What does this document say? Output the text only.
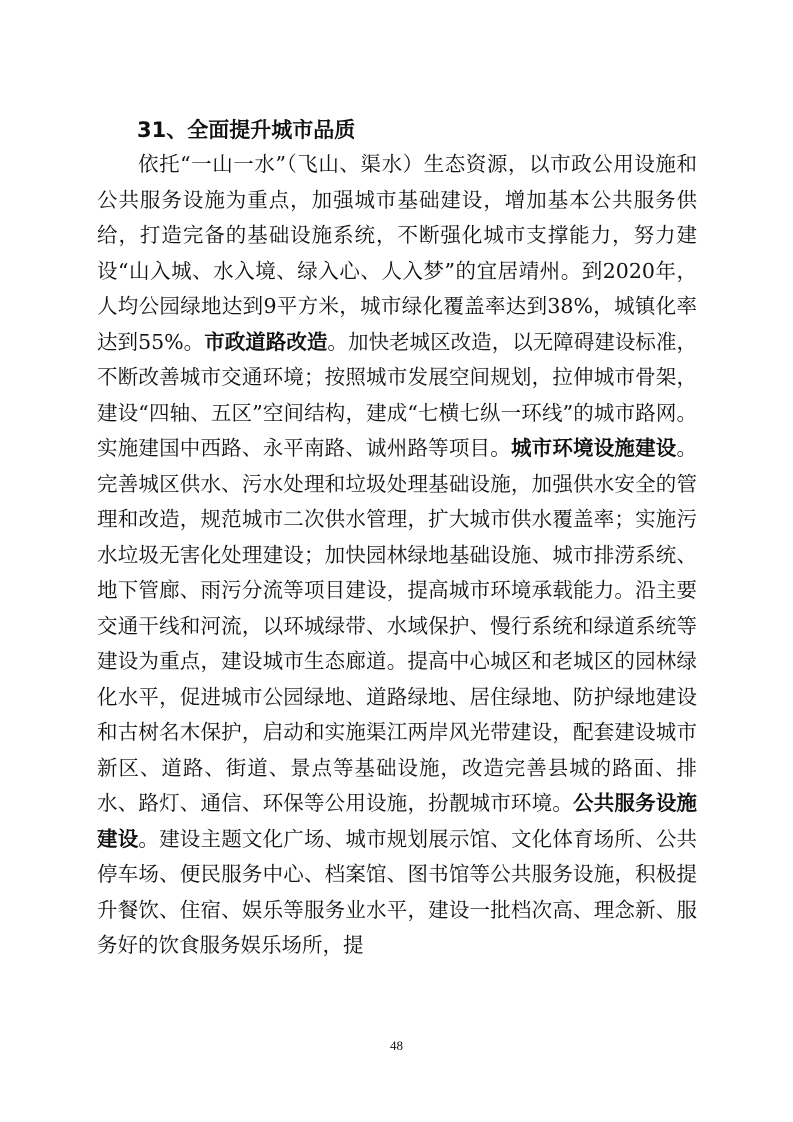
31、全面提升城市品质

依托“一山一水”（飞山、渠水）生态资源，以市政公用设施和公共服务设施为重点，加强城市基础建设，增加基本公共服务供给，打造完备的基础设施系统，不断强化城市支撑能力，努力建设“山入城、水入境、绿入心、人入梦”的宜居靖州。到2020年，人均公园绿地达到9平方米，城市绿化覆盖率达到38%，城镇化率达到55%。市政道路改造。加快老城区改造，以无障碍建设标准，不断改善城市交通环境；按照城市发展空间规划，拉伸城市骨架，建设“四轴、五区”空间结构，建成“七横七纵一环线”的城市路网。实施建国中西路、永平南路、诚州路等项目。城市环境设施建设。完善城区供水、污水处理和垃圾处理基础设施，加强供水安全的管理和改造，规范城市二次供水管理，扩大城市供水覆盖率；实施污水垃圾无害化处理建设；加快园林绿地基础设施、城市排涝系统、地下管廊、雨污分流等项目建设，提高城市环境承载能力。沿主要交通干线和河流，以环城绿带、水域保护、慢行系统和绿道系统等建设为重点，建设城市生态廊道。提高中心城区和老城区的园林绿化水平，促进城市公园绿地、道路绿地、居住绿地、防护绿地建设和古树名木保护，启动和实施渠江两岸风光带建设，配套建设城市新区、道路、街道、景点等基础设施，改造完善县城的路面、排水、路灯、通信、环保等公用设施，扮靓城市环境。公共服务设施建设。建设主题文化广场、城市规划展示馆、文化体育场所、公共停车场、便民服务中心、档案馆、图书馆等公共服务设施，积极提升餐饮、住宿、娱乐等服务业水平，建设一批档次高、理念新、服务好的饮食服务娱乐场所，提

48
